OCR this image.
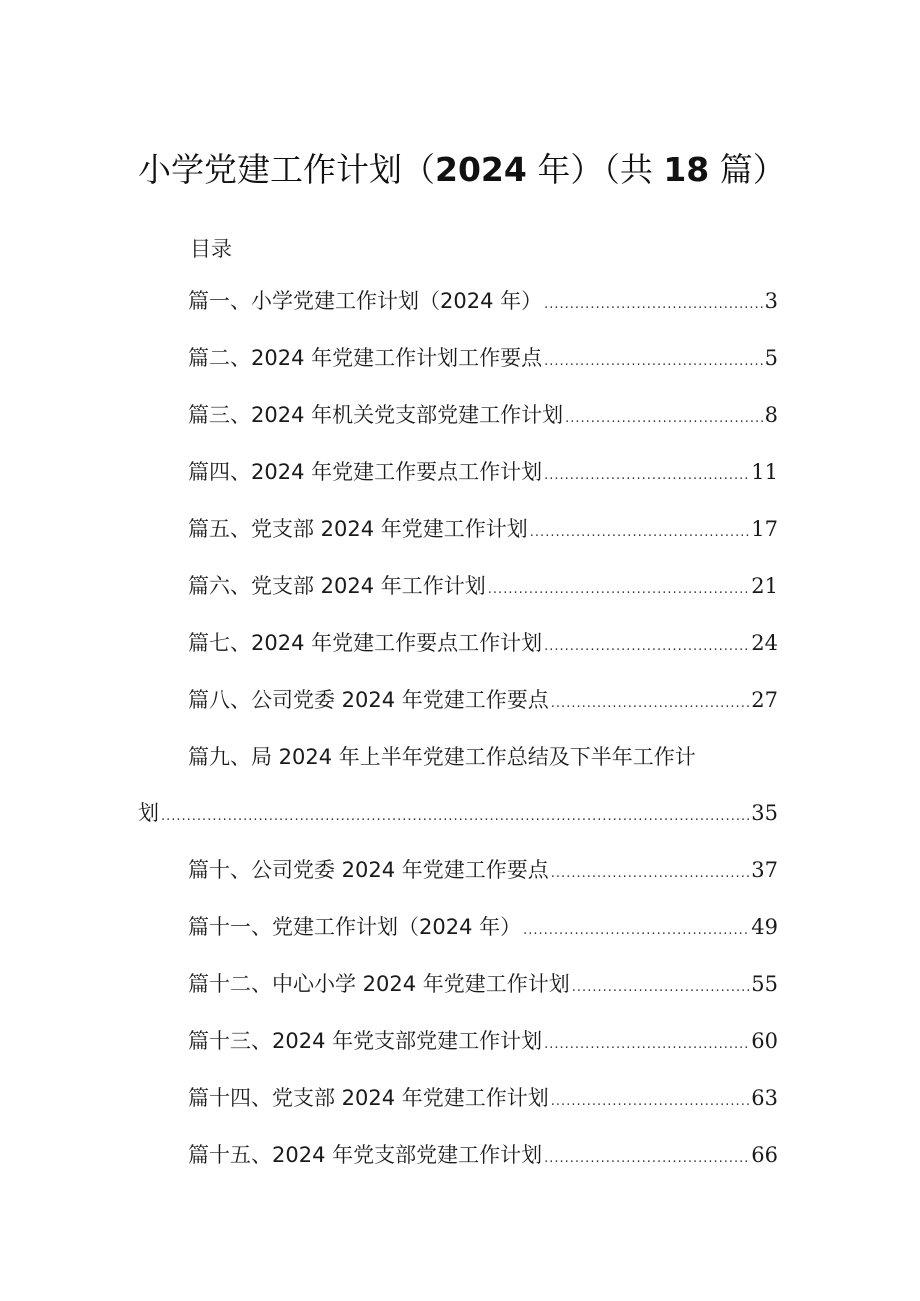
小学党建工作计划（2024 年）（共 18 篇）
目录
篇一、小学党建工作计划（2024 年） .....	3
篇二、2024 年党建工作计划工作要点 .....	5
篇三、2024 年机关党支部党建工作计划 .....	8
篇四、2024 年党建工作要点工作计划 .....	11
篇五、党支部 2024 年党建工作计划 .....	17
篇六、党支部 2024 年工作计划 .....	21
篇七、2024 年党建工作要点工作计划 .....	24
篇八、公司党委 2024 年党建工作要点 .....	27
篇九、局 2024 年上半年党建工作总结及下半年工作计
划 .....	35
篇十、公司党委 2024 年党建工作要点 .....	37
篇十一、党建工作计划（2024 年） .....	49
篇十二、中心小学 2024 年党建工作计划 .....	55
篇十三、2024 年党支部党建工作计划 .....	60
篇十四、党支部 2024 年党建工作计划 .....	63
篇十五、2024 年党支部党建工作计划 .....	66
